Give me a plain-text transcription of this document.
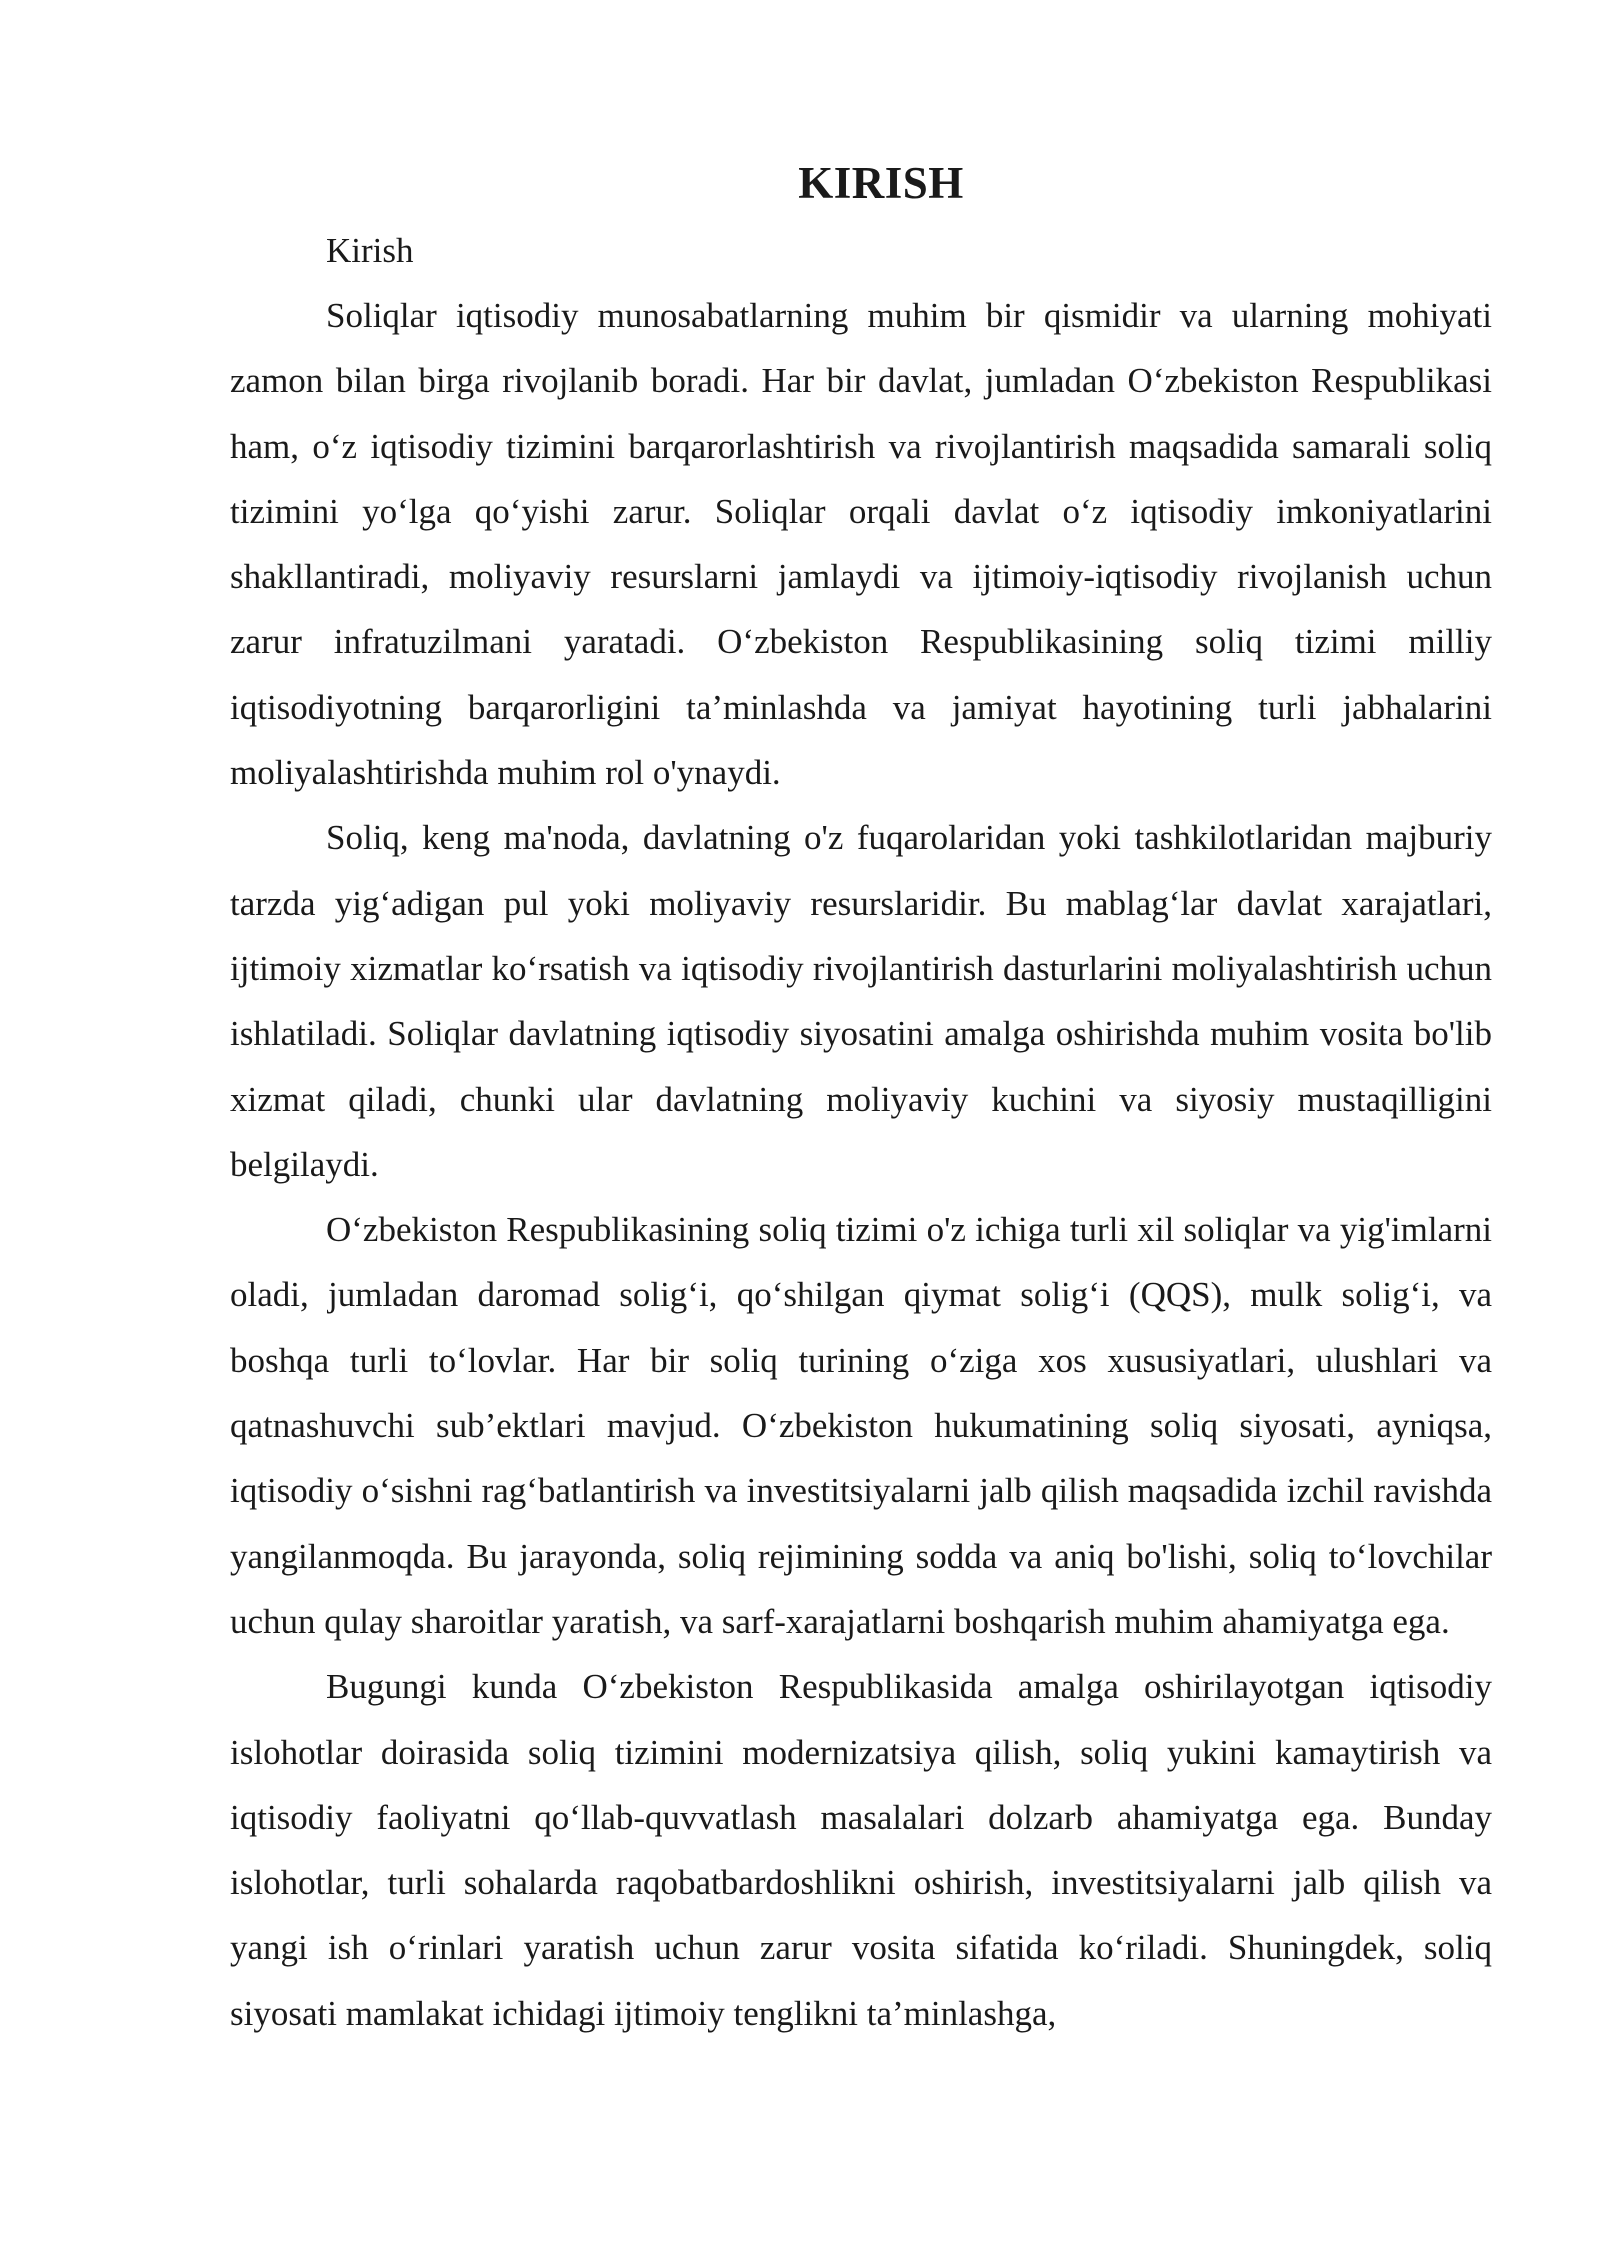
KIRISH

Kirish

Soliqlar iqtisodiy munosabatlarning muhim bir qismidir va ularning mohiyati zamon bilan birga rivojlanib boradi. Har bir davlat, jumladan O‘zbekiston Respublikasi ham, o‘z iqtisodiy tizimini barqarorlashtirish va rivojlantirish maqsadida samarali soliq tizimini yo‘lga qo‘yishi zarur. Soliqlar orqali davlat o‘z iqtisodiy imkoniyatlarini shakllantiradi, moliyaviy resurslarni jamlaydi va ijtimoiy-iqtisodiy rivojlanish uchun zarur infratuzilmani yaratadi. O‘zbekiston Respublikasining soliq tizimi milliy iqtisodiyotning barqarorligini ta’minlashda va jamiyat hayotining turli jabhalarini moliyalashtirishda muhim rol o'ynaydi.

Soliq, keng ma'noda, davlatning o'z fuqarolaridan yoki tashkilotlaridan majburiy tarzda yig‘adigan pul yoki moliyaviy resurslaridir. Bu mablag‘lar davlat xarajatlari, ijtimoiy xizmatlar ko‘rsatish va iqtisodiy rivojlantirish dasturlarini moliyalashtirish uchun ishlatiladi. Soliqlar davlatning iqtisodiy siyosatini amalga oshirishda muhim vosita bo'lib xizmat qiladi, chunki ular davlatning moliyaviy kuchini va siyosiy mustaqilligini belgilaydi.

O‘zbekiston Respublikasining soliq tizimi o'z ichiga turli xil soliqlar va yig'imlarni oladi, jumladan daromad solig‘i, qo‘shilgan qiymat solig‘i (QQS), mulk solig‘i, va boshqa turli to‘lovlar. Har bir soliq turining o‘ziga xos xususiyatlari, ulushlari va qatnashuvchi sub’ektlari mavjud. O‘zbekiston hukumatining soliq siyosati, ayniqsa, iqtisodiy o‘sishni rag‘batlantirish va investitsiyalarni jalb qilish maqsadida izchil ravishda yangilanmoqda. Bu jarayonda, soliq rejimining sodda va aniq bo'lishi, soliq to‘lovchilar uchun qulay sharoitlar yaratish, va sarf-xarajatlarni boshqarish muhim ahamiyatga ega.

Bugungi kunda O‘zbekiston Respublikasida amalga oshirilayotgan iqtisodiy islohotlar doirasida soliq tizimini modernizatsiya qilish, soliq yukini kamaytirish va iqtisodiy faoliyatni qo‘llab-quvvatlash masalalari dolzarb ahamiyatga ega. Bunday islohotlar, turli sohalarda raqobatbardoshlikni oshirish, investitsiyalarni jalb qilish va yangi ish o‘rinlari yaratish uchun zarur vosita sifatida ko‘riladi. Shuningdek, soliq siyosati mamlakat ichidagi ijtimoiy tenglikni ta’minlashga,
